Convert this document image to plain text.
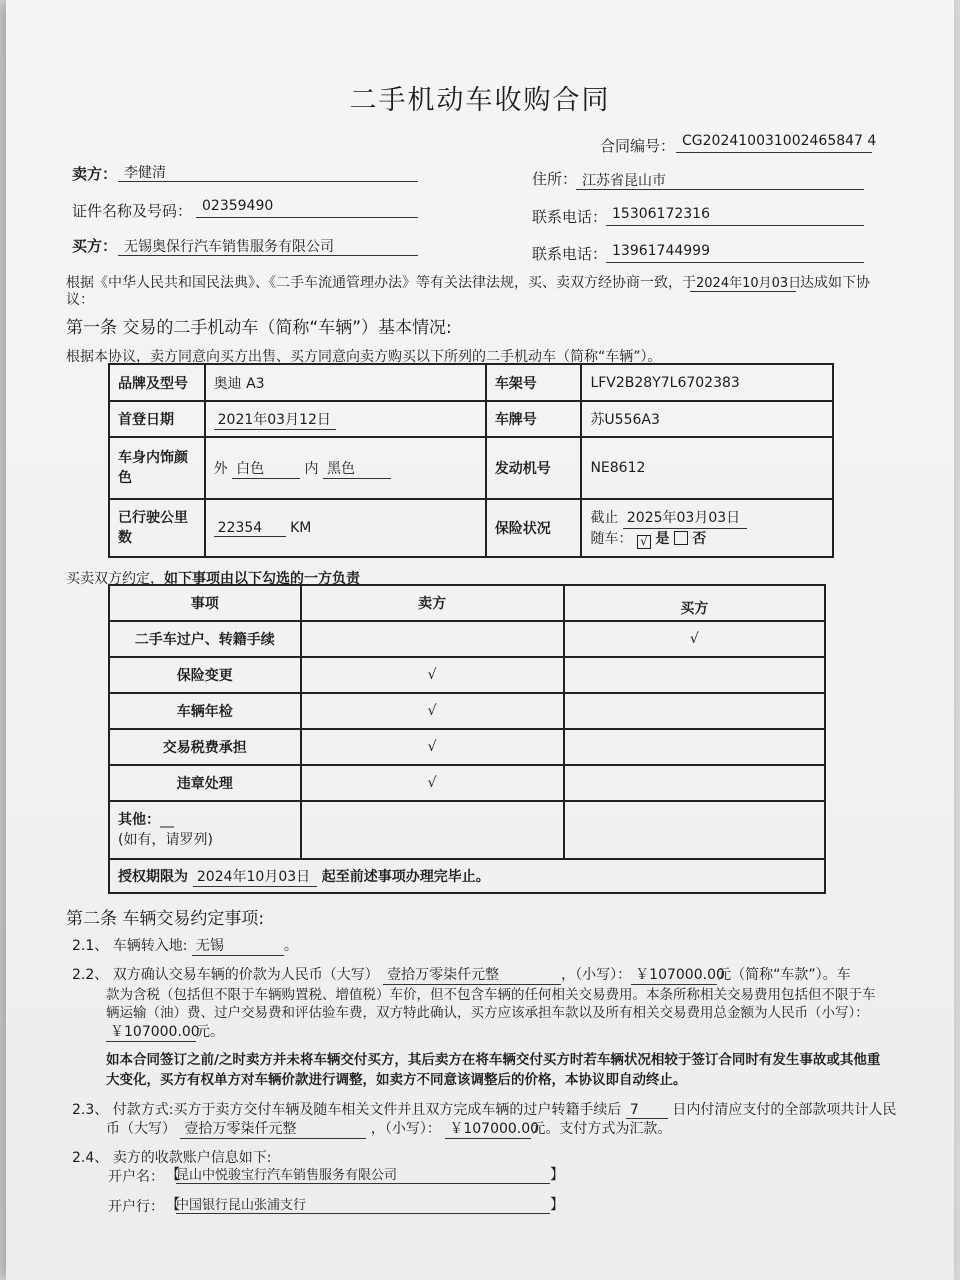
二手机动车收购合同
合同编号： CG202410031002465847 4
卖方： 李健清	住所： 江苏省昆山市
证件名称及号码： 02359490
联系电话： 15306172316
买方： 无锡奥保行汽车销售服务有限公司	联系电话： 13961744999
根据《中华人民共和国民法典》、《二手车流通管理办法》等有关法律法规，买、卖双方经协商一致，于 2024年10月03日
达成如下协
议：
第一条 交易的二手机动车（简称“车辆”）基本情况:
根据本协议，卖方同意向买方出售、买方同意向卖方购买以下所列的二手机动车（简称“车辆”）。
品牌及型号	奥迪 A3	车架号	LFV2B28Y7L6702383
首登日期	2021年03月12日	车牌号	苏U556A3
车身内饰颜色	外 白色 内 黑色	发动机号	NE8612
已行驶公里数	22354 KM	保险状况	截止 2025年03月03日
随车： √ 是 否
买卖双方约定，如下事项由以下勾选的一方负责
事项	卖方	买方
二手车过户、转籍手续		√
保险变更	√	
车辆年检	√	
交易税费承担	√	
违章处理	√	
其他：__
(如有，请罗列)		
授权期限为 2024年10月03日 起至前述事项办理完毕止。		
第二条 车辆交易约定事项:
2.1、 车辆转入地: 无锡	。
2.2、 双方确认交易车辆的价款为人民币（大写） 壹拾万零柒仟元整	，（小写）： ￥107000.00元（简称“车款”）。车
款为含税（包括但不限于车辆购置税、增值税）车价，但不包含车辆的任何相关交易费用。本条所称相关交易费用包括但不限于车
辆运输（油）费、过户交易费和评估验车费，双方特此确认，买方应该承担车款以及所有相关交易费用总金额为人民币（小写）：
￥107000.00元。
如本合同签订之前/之时卖方并未将车辆交付买方，其后卖方在将车辆交付买方时若车辆状况相较于签订合同时有发生事故或其他重
大变化，买方有权单方对车辆价款进行调整，如卖方不同意该调整后的价格，本协议即自动终止。
2.3、 付款方式:买方于卖方交付车辆及随车相关文件并且双方完成车辆的过户转籍手续后 7 日内付清应支付的全部款项共计人民
币（大写） 壹拾万零柒仟元整	，（小写）： ￥107000.00元。支付方式为汇款。
2.4、 卖方的收款账户信息如下:
开户名： 【
昆山中悦骏宝行汽车销售服务有限公司	】
开户行： 【
中国银行昆山张浦支行	】
